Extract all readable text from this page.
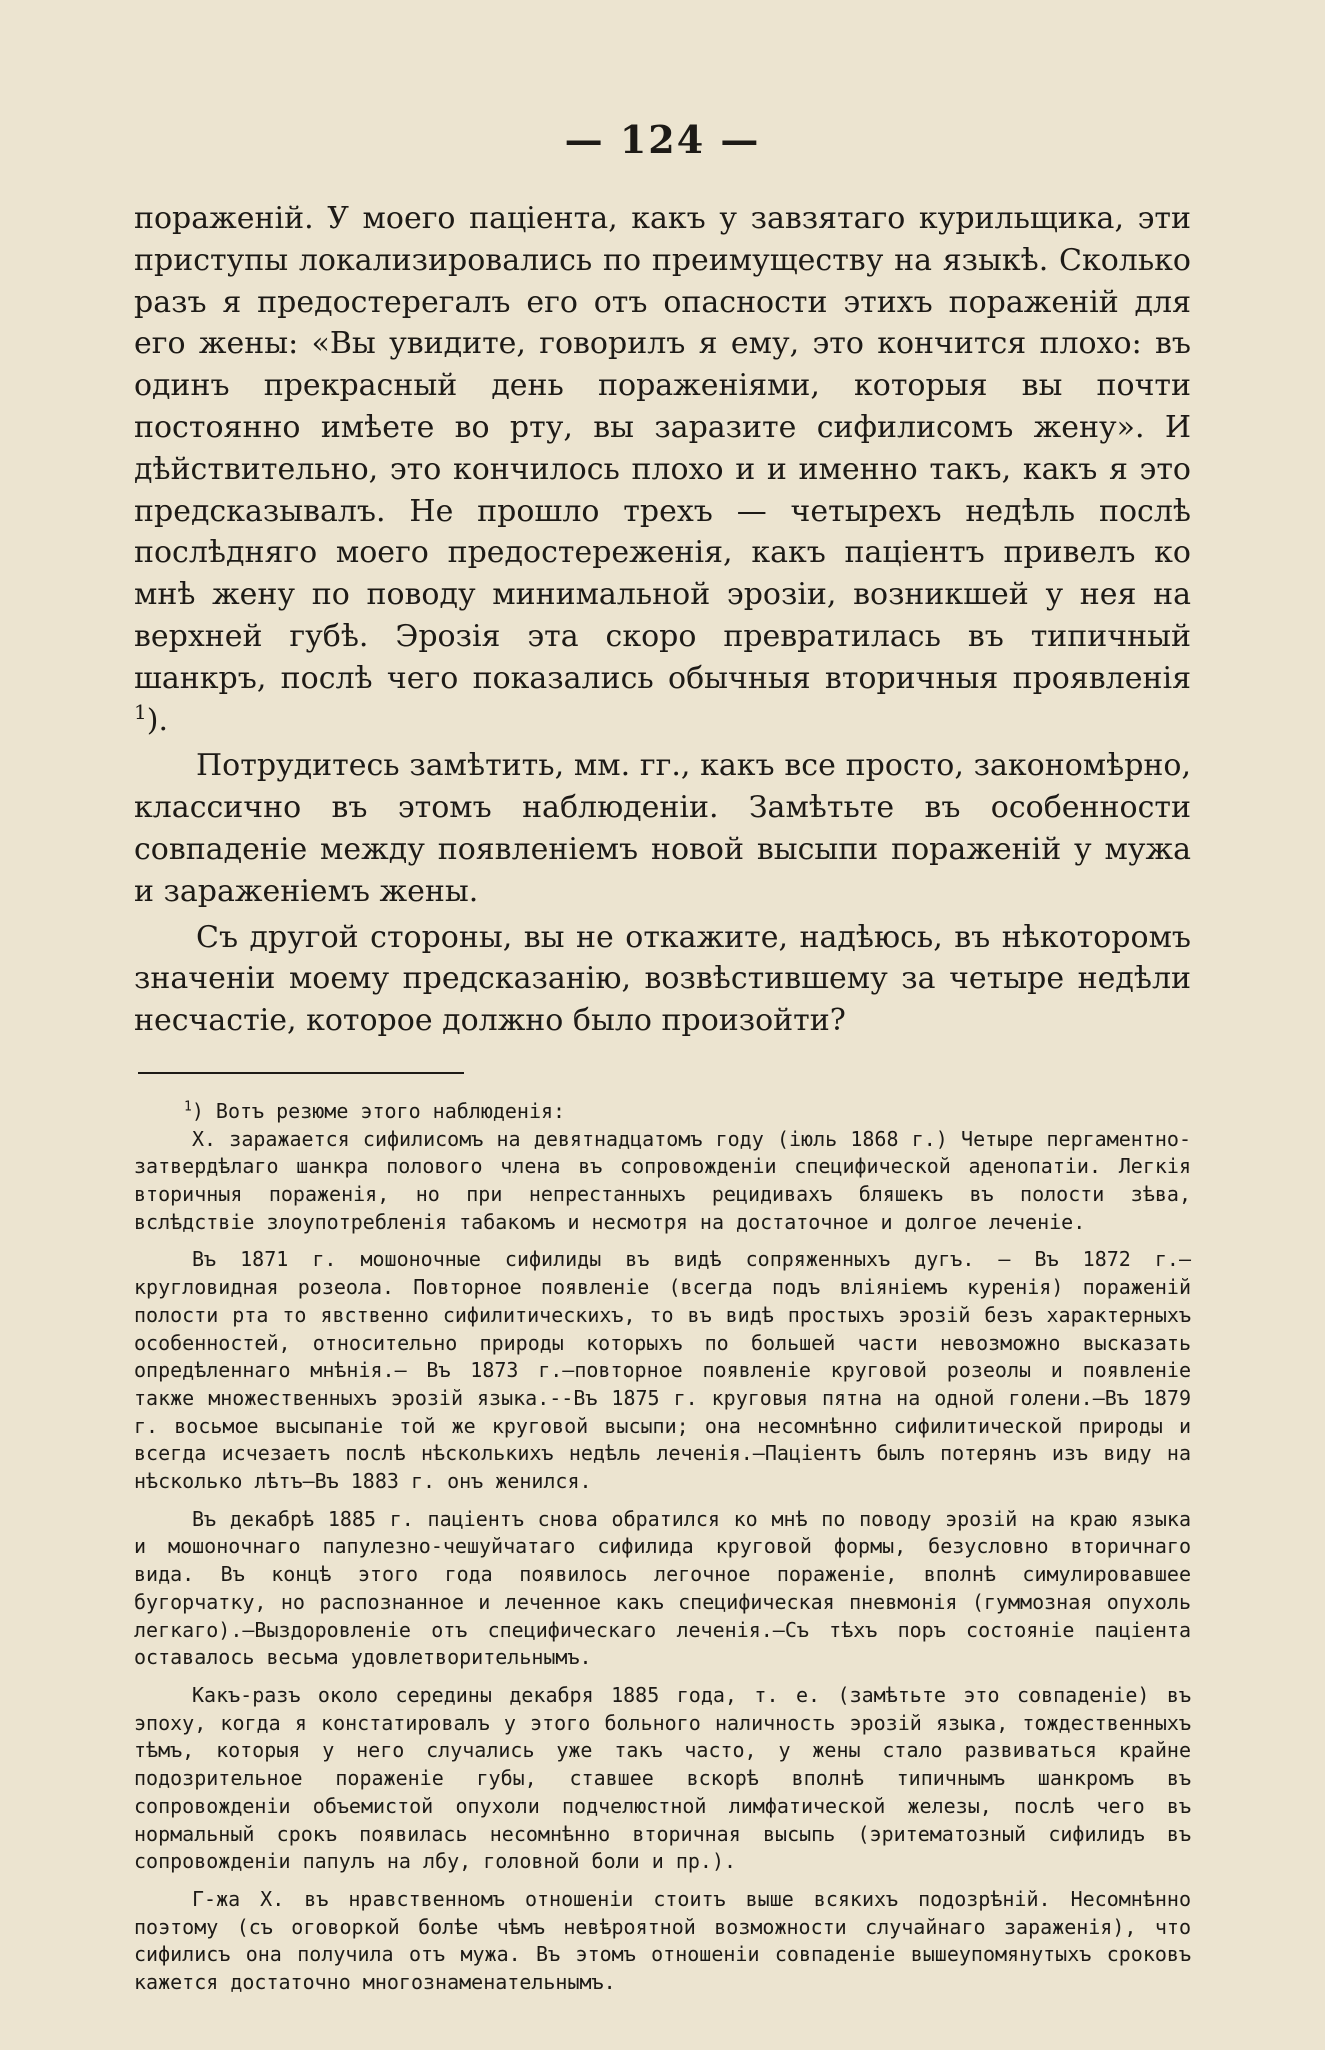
— 124 —

пораженій. У моего пацiента, какъ у завзятаго курильщика, эти приступы локализировались по преимуществу на языкѣ. Сколько разъ я предостерегалъ его отъ опасности этихъ пораженій для его жены: «Вы увидите, говорилъ я ему, это кончится плохо: въ одинъ прекрасный день пораженіями, которыя вы почти постоянно имѣете во рту, вы заразите сифилисомъ жену». И дѣйствительно, это кончилось плохо и и именно такъ, какъ я это предсказывалъ. Не прошло трехъ — четырехъ недѣль послѣ послѣдняго моего предостереженія, какъ пацiентъ привелъ ко мнѣ жену по поводу минимальной эрозіи, возникшей у нея на верхней губѣ. Эрозія эта скоро превратилась въ типичный шанкръ, послѣ чего показались обычныя вторичныя проявленія $^1$).

Потрудитесь замѣтить, мм. гг., какъ все просто, закономѣрно, классично въ этомъ наблюденіи. Замѣтьте въ особенности совпаденіе между появленіемъ новой высыпи пораженій у мужа и зараженіемъ жены.

Съ другой стороны, вы не откажите, надѣюсь, въ нѣкоторомъ значеніи моему предсказанію, возвѣстившему за четыре недѣли несчастіе, которое должно было произойти?

$^1$) Вотъ резюме этого наблюденія:

X. заражается сифилисомъ на девятнадцатомъ году (іюль 1868 г.) Четыре пергаментно-затвердѣлаго шанкра полового члена въ сопровожденіи специфической аденопатіи. Легкія вторичныя пораженія, но при непрестанныхъ рецидивахъ бляшекъ въ полости зѣва, вслѣдствіе злоупотребленія табакомъ и несмотря на достаточное и долгое леченіе.

Въ 1871 г. мошоночные сифилиды въ видѣ сопряженныхъ дугъ. — Въ 1872 г.—кругловидная розеола. Повторное появленіе (всегда подъ вліяніемъ куренія) пораженій полости рта то явственно сифилитическихъ, то въ видѣ простыхъ эрозій безъ характерныхъ особенностей, относительно природы которыхъ по большей части невозможно высказать опредѣленнаго мнѣнія.— Въ 1873 г.—повторное появленіе круговой розеолы и появленіе также множественныхъ эрозій языка.--Въ 1875 г. круговыя пятна на одной голени.—Въ 1879 г. восьмое высыпаніе той же круговой высыпи; она несомнѣнно сифилитической природы и всегда исчезаетъ послѣ нѣсколькихъ недѣль леченія.—Пацiентъ былъ потерянъ изъ виду на нѣсколько лѣтъ—Въ 1883 г. онъ женился.

Въ декабрѣ 1885 г. пацiентъ снова обратился ко мнѣ по поводу эрозій на краю языка и мошоночнаго папулезно-чешуйчатаго сифилида круговой формы, безусловно вторичнаго вида. Въ концѣ этого года появилось легочное пораженіе, вполнѣ симулировавшее бугорчатку, но распознанное и леченное какъ специфическая пневмонія (гуммозная опухоль легкаго).—Выздоровленіе отъ специфическаго леченія.—Съ тѣхъ поръ состояніе пацiента оставалось весьма удовлетворительнымъ.

Какъ-разъ около середины декабря 1885 года, т. е. (замѣтьте это совпаденіе) въ эпоху, когда я констатировалъ у этого больного наличность эрозій языка, тождественныхъ тѣмъ, которыя у него случались уже такъ часто, у жены стало развиваться крайне подозрительное пораженіе губы, ставшее вскорѣ вполнѣ типичнымъ шанкромъ въ сопровожденіи объемистой опухоли подчелюстной лимфатической железы, послѣ чего въ нормальный срокъ появилась несомнѣнно вторичная высыпь (эритематозный сифилидъ въ сопровожденіи папулъ на лбу, головной боли и пр.).

Г-жа X. въ нравственномъ отношеніи стоитъ выше всякихъ подозрѣній. Несомнѣнно поэтому (съ оговоркой болѣе чѣмъ невѣроятной возможности случайнаго зараженія), что сифилисъ она получила отъ мужа. Въ этомъ отношеніи совпаденіе вышеупомянутыхъ сроковъ кажется достаточно многознаменательнымъ.
